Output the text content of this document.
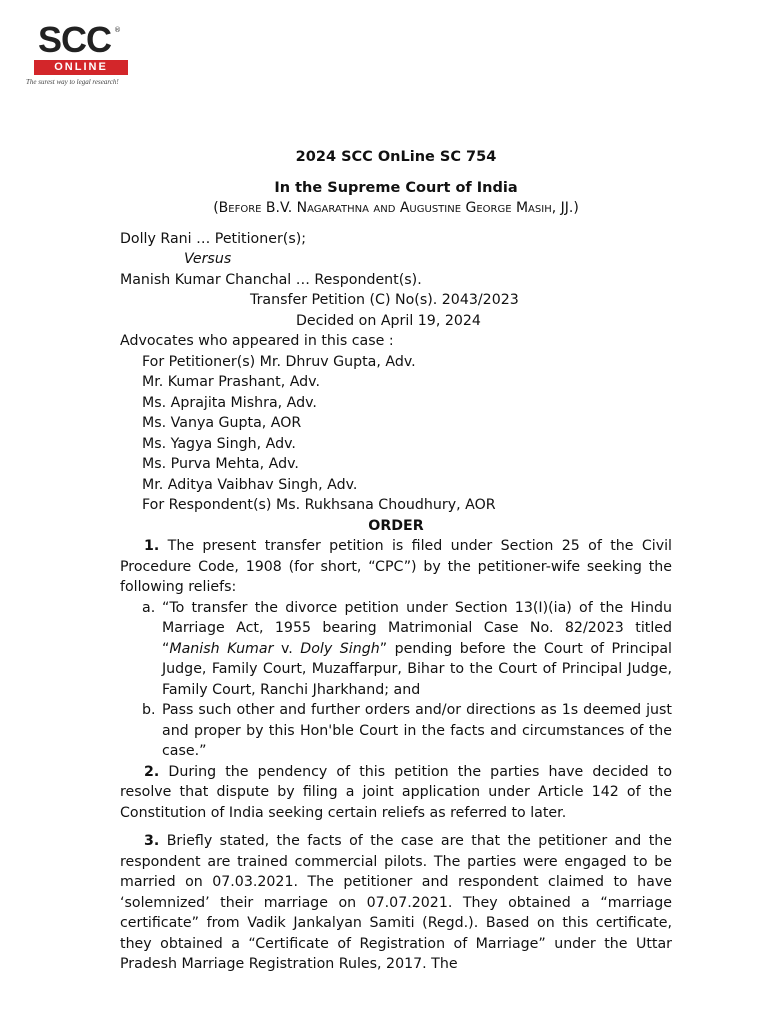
SCC ®
ONLINE
The surest way to legal research!

2024 SCC OnLine SC 754

In the Supreme Court of India

(Before B.V. Nagarathna and Augustine George Masih, JJ.)

Dolly Rani … Petitioner(s);

Versus

Manish Kumar Chanchal … Respondent(s).

Transfer Petition (C) No(s). 2043/2023

Decided on April 19, 2024

Advocates who appeared in this case :

For Petitioner(s) Mr. Dhruv Gupta, Adv.

Mr. Kumar Prashant, Adv.

Ms. Aprajita Mishra, Adv.

Ms. Vanya Gupta, AOR

Ms. Yagya Singh, Adv.

Ms. Purva Mehta, Adv.

Mr. Aditya Vaibhav Singh, Adv.

For Respondent(s) Ms. Rukhsana Choudhury, AOR

ORDER

1. The present transfer petition is filed under Section 25 of the Civil Procedure Code, 1908 (for short, “CPC”) by the petitioner-wife seeking the following reliefs:

a. “To transfer the divorce petition under Section 13(I)(ia) of the Hindu Marriage Act, 1955 bearing Matrimonial Case No. 82/2023 titled “Manish Kumar v. Doly Singh” pending before the Court of Principal Judge, Family Court, Muzaffarpur, Bihar to the Court of Principal Judge, Family Court, Ranchi Jharkhand; and
b. Pass such other and further orders and/or directions as 1s deemed just and proper by this Hon'ble Court in the facts and circumstances of the case.”

2. During the pendency of this petition the parties have decided to resolve that dispute by filing a joint application under Article 142 of the Constitution of India seeking certain reliefs as referred to later.

3. Briefly stated, the facts of the case are that the petitioner and the respondent are trained commercial pilots. The parties were engaged to be married on 07.03.2021. The petitioner and respondent claimed to have ‘solemnized’ their marriage on 07.07.2021. They obtained a “marriage certificate” from Vadik Jankalyan Samiti (Regd.). Based on this certificate, they obtained a “Certificate of Registration of Marriage” under the Uttar Pradesh Marriage Registration Rules, 2017. The
